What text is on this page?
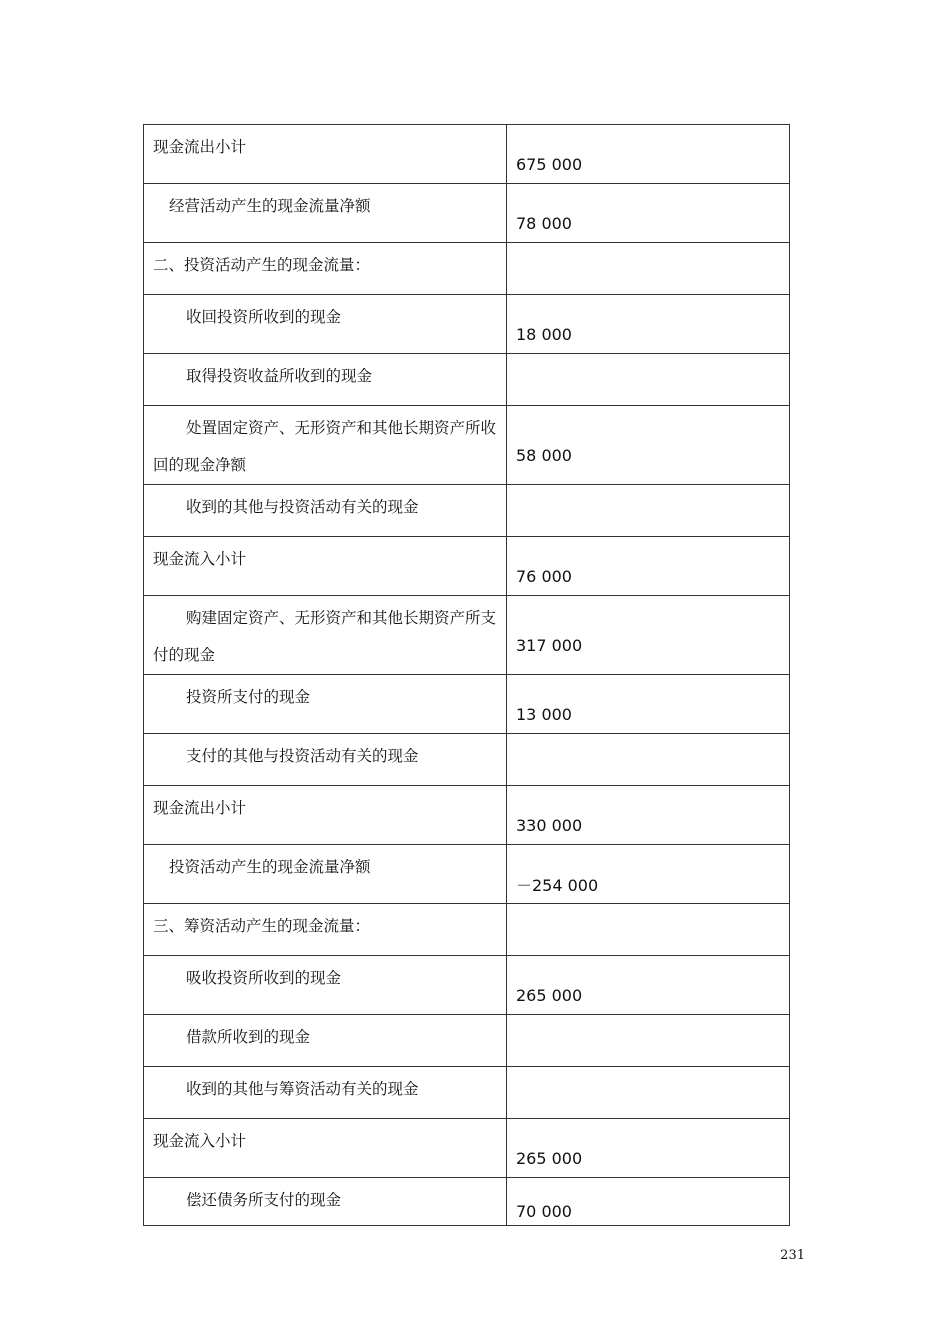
现金流出小计	675 000
经营活动产生的现金流量净额	78 000
二、投资活动产生的现金流量：	
收回投资所收到的现金	18 000
取得投资收益所收到的现金	
处置固定资产、无形资产和其他长期资产所收回的现金净额	58 000
收到的其他与投资活动有关的现金	
现金流入小计	76 000
购建固定资产、无形资产和其他长期资产所支付的现金	317 000
投资所支付的现金	13 000
支付的其他与投资活动有关的现金	
现金流出小计	330 000
投资活动产生的现金流量净额	－254 000
三、筹资活动产生的现金流量：	
吸收投资所收到的现金	265 000
借款所收到的现金	
收到的其他与筹资活动有关的现金	
现金流入小计	265 000
偿还债务所支付的现金	70 000
231
